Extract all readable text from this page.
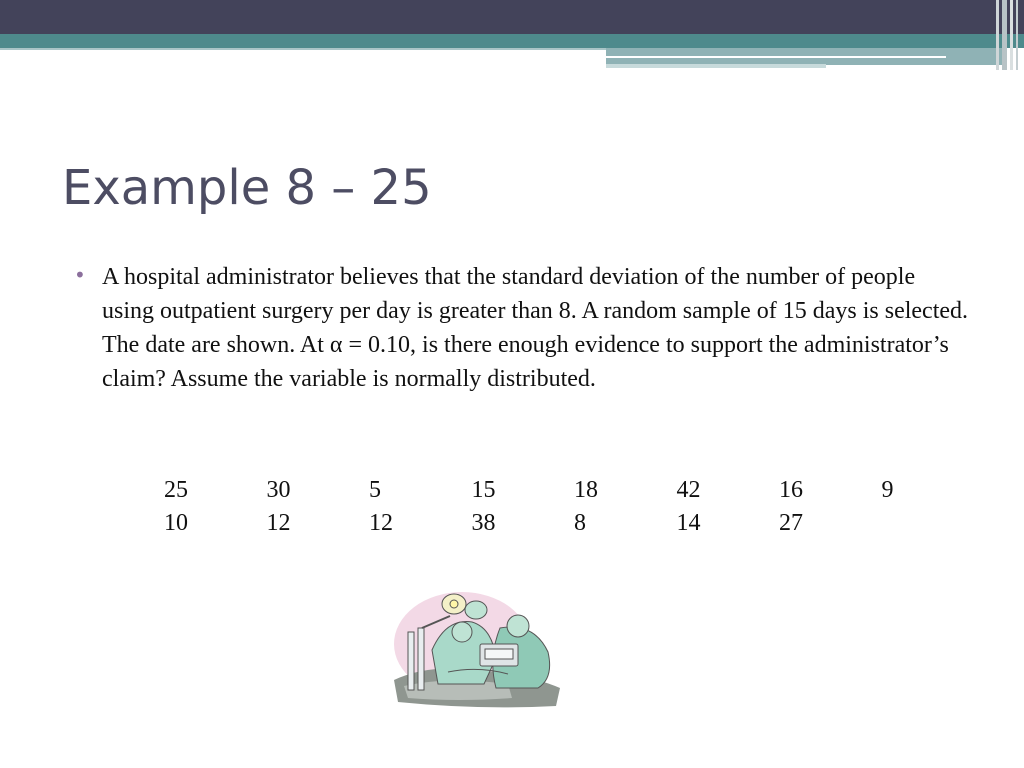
Example 8 – 25
• A hospital administrator believes that the standard deviation of the number of people using outpatient surgery per day is greater than 8. A random sample of 15 days is selected. The date are shown. At α = 0.10, is there enough evidence to support the administrator’s claim? Assume the variable is normally distributed.

25	30	5	15	18	42	16	9
10	12	12	38	8	14	27
